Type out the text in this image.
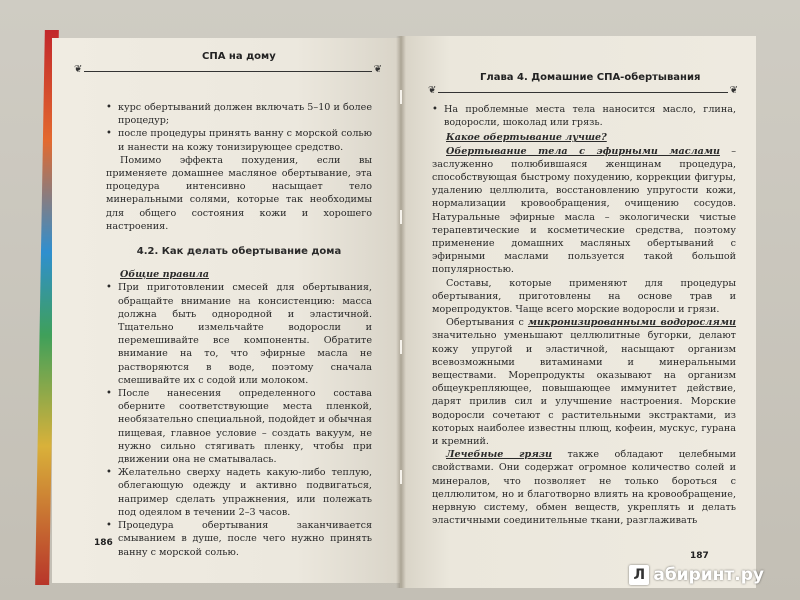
СПА на дому
❦	❦
• курс обертываний должен включать 5–10 и более процедур;
• после процедуры принять ванну с морской солью и нанести на кожу тонизирующее средство.

Помимо эффекта похудения, если вы применяете домашнее масляное обертывание, эта процедура интенсивно насыщает тело минеральными солями, которые так необходимы для общего состояния кожи и хорошего настроения.

4.2. Как делать обертывание дома

Общие правила

• При приготовлении смесей для обертывания, обращайте внимание на консистенцию: масса должна быть однородной и эластичной. Тщательно измельчайте водоросли и перемешивайте все компоненты. Обратите внимание на то, что эфирные масла не растворяются в воде, поэтому сначала смешивайте их с содой или молоком.
• После нанесения определенного состава оберните соответствующие места пленкой, необязательно специальной, подойдет и обычная пищевая, главное условие – создать вакуум, не нужно сильно стягивать пленку, чтобы при движении она не сматывалась.
• Желательно сверху надеть какую-либо теплую, облегающую одежду и активно подвигаться, например сделать упражнения, или полежать под одеялом в течении 2–3 часов.
• Процедура обертывания заканчивается смыванием в душе, после чего нужно принять ванну с морской солью.
186
Глава 4. Домашние СПА-обертывания
❦	❦
• На проблемные места тела наносится масло, глина, водоросли, шоколад или грязь.

Какое обертывание лучше?

Обертывание тела с эфирными маслами – заслуженно полюбившаяся женщинам процедура, способствующая быстрому похудению, коррекции фигуры, удалению целлюлита, восстановлению упругости кожи, нормализации кровообращения, очищению сосудов. Натуральные эфирные масла – экологически чистые терапевтические и косметические средства, поэтому применение домашних масляных обертываний с эфирными маслами пользуется такой большой популярностью.

Составы, которые применяют для процедуры обертывания, приготовлены на основе трав и морепродуктов. Чаще всего морские водоросли и грязи.

Обертывания с микронизированными водорослями значительно уменьшают целлюлитные бугорки, делают кожу упругой и эластичной, насыщают организм всевозможными витаминами и минеральными веществами. Морепродукты оказывают на организм общеукрепляющее, повышающее иммунитет действие, дарят прилив сил и улучшение настроения. Морские водоросли сочетают с растительными экстрактами, из которых наиболее известны плющ, кофеин, мускус, гурана и кремний.

Лечебные грязи также обладают целебными свойствами. Они содержат огромное количество солей и минералов, что позволяет не только бороться с целлюлитом, но и благотворно влиять на кровообращение, нервную систему, обмен веществ, укреплять и делать эластичными соединительные ткани, разглаживать

187
Л абиринт.ру
